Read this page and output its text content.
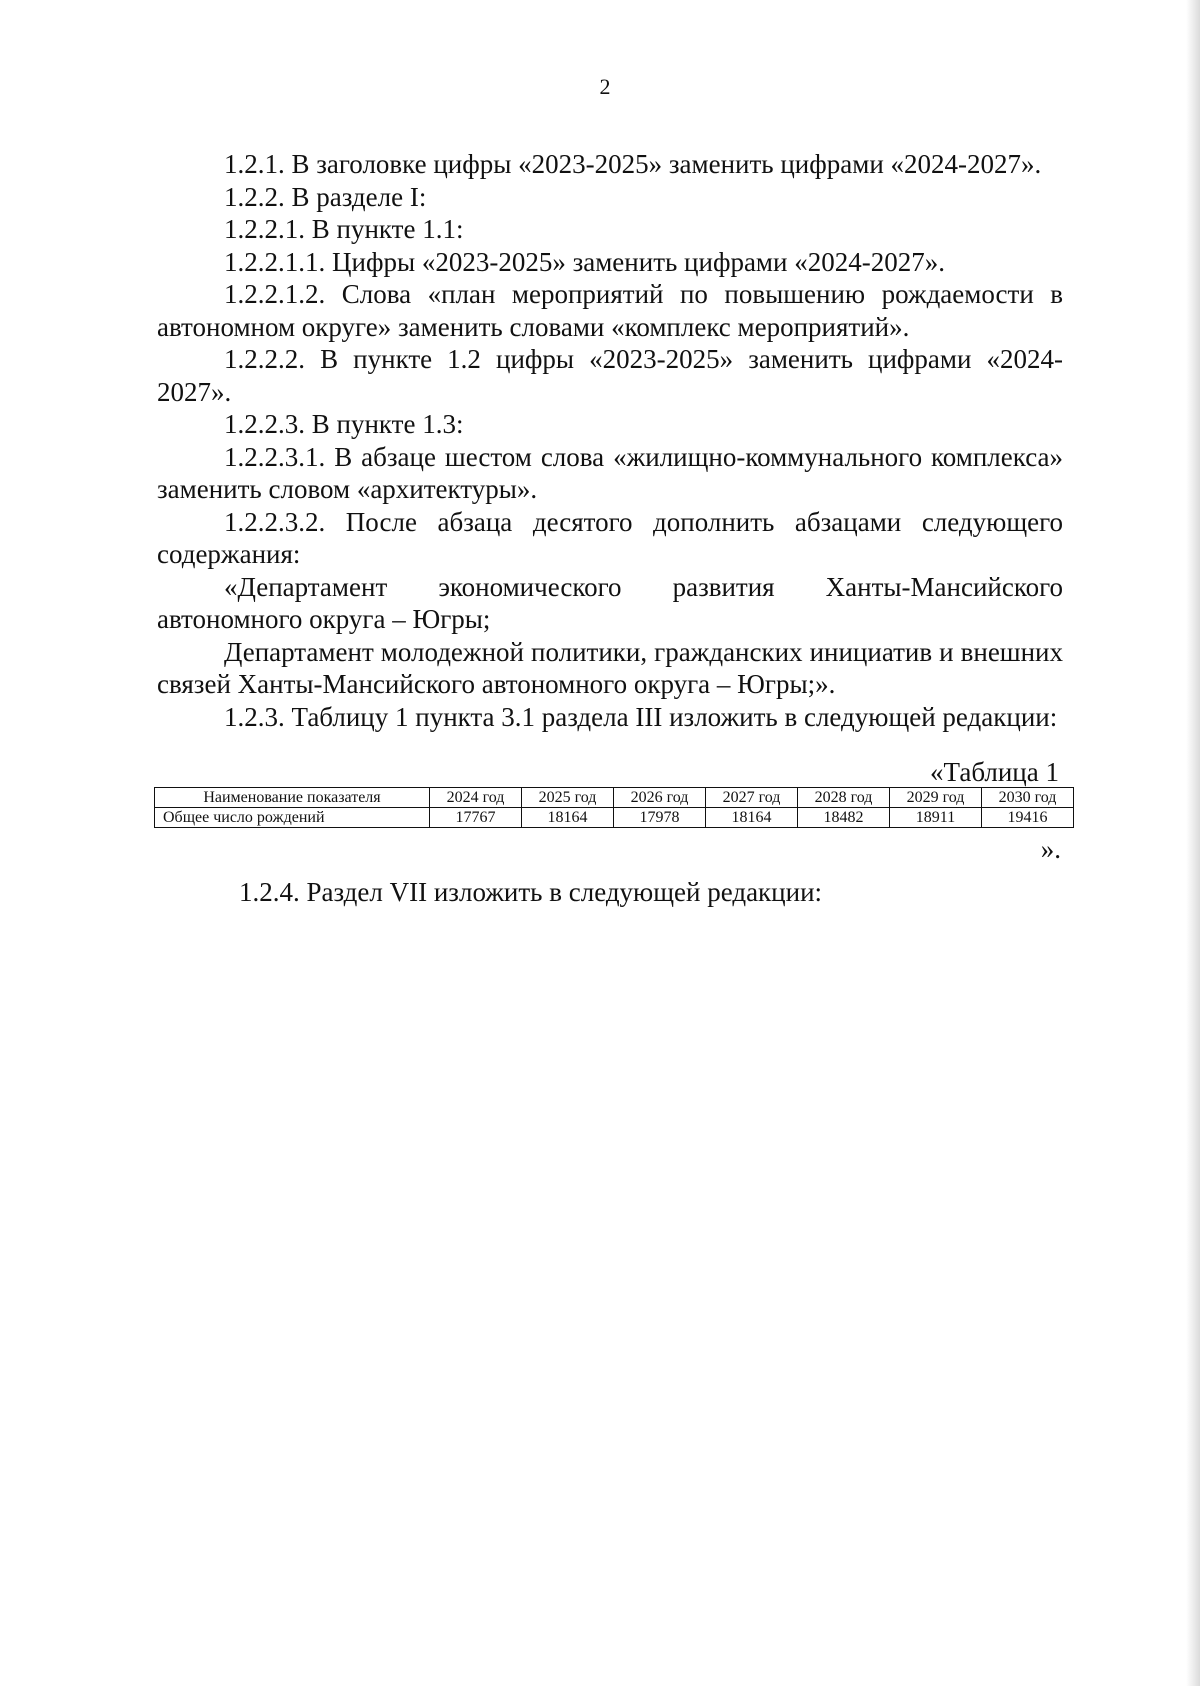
2

1.2.1. В заголовке цифры «2023-2025» заменить цифрами «2024-2027».

1.2.2. В разделе I:

1.2.2.1. В пункте 1.1:

1.2.2.1.1. Цифры «2023-2025» заменить цифрами «2024-2027».

1.2.2.1.2. Слова «план мероприятий по повышению рождаемости в автономном округе» заменить словами «комплекс мероприятий».

1.2.2.2. В пункте 1.2 цифры «2023-2025» заменить цифрами «2024-2027».

1.2.2.3. В пункте 1.3:

1.2.2.3.1. В абзаце шестом слова «жилищно-коммунального комплекса» заменить словом «архитектуры».

1.2.2.3.2. После абзаца десятого дополнить абзацами следующего содержания:

«Департамент экономического развития Ханты-Мансийского автономного округа – Югры;

Департамент молодежной политики, гражданских инициатив и внешних связей Ханты-Мансийского автономного округа – Югры;».

1.2.3. Таблицу 1 пункта 3.1 раздела III изложить в следующей редакции:

«Таблица 1
Наименование показателя	2024 год	2025 год	2026 год	2027 год	2028 год	2029 год	2030 год
Общее число рождений	17767	18164	17978	18164	18482	18911	19416
».
1.2.4. Раздел VII изложить в следующей редакции:
